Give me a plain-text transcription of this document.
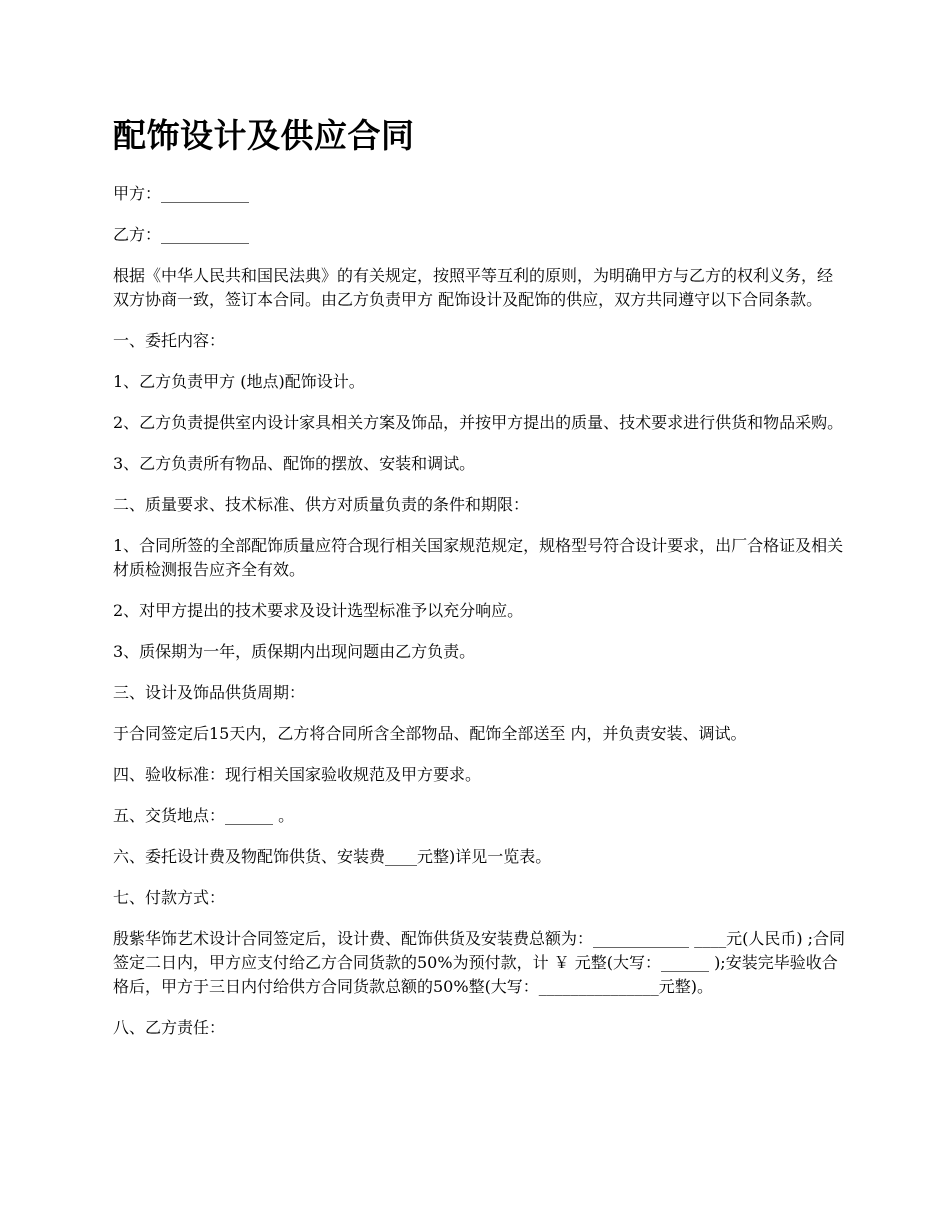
配饰设计及供应合同

甲方：___________

乙方：___________

根据《中华人民共和国民法典》的有关规定，按照平等互利的原则，为明确甲方与乙方的权利义务，经双方协商一致，签订本合同。由乙方负责甲方 配饰设计及配饰的供应，双方共同遵守以下合同条款。

一、委托内容：

1、乙方负责甲方 (地点)配饰设计。

2、乙方负责提供室内设计家具相关方案及饰品，并按甲方提出的质量、技术要求进行供货和物品采购。

3、乙方负责所有物品、配饰的摆放、安装和调试。

二、质量要求、技术标准、供方对质量负责的条件和期限：

1、合同所签的全部配饰质量应符合现行相关国家规范规定，规格型号符合设计要求，出厂合格证及相关材质检测报告应齐全有效。

2、对甲方提出的技术要求及设计选型标准予以充分响应。

3、质保期为一年，质保期内出现问题由乙方负责。

三、设计及饰品供货周期：

于合同签定后15天内，乙方将合同所含全部物品、配饰全部送至 内，并负责安装、调试。

四、验收标准：现行相关国家验收规范及甲方要求。

五、交货地点：______ 。

六、委托设计费及物配饰供货、安装费____元整)详见一览表。

七、付款方式：

殷紫华饰艺术设计合同签定后，设计费、配饰供货及安装费总额为：____________ ____元(人民币) ;合同签定二日内，甲方应支付给乙方合同货款的50%为预付款，计 ￥ 元整(大写：______ );安装完毕验收合格后，甲方于三日内付给供方合同货款总额的50%整(大写：_______________元整)。

八、乙方责任：
